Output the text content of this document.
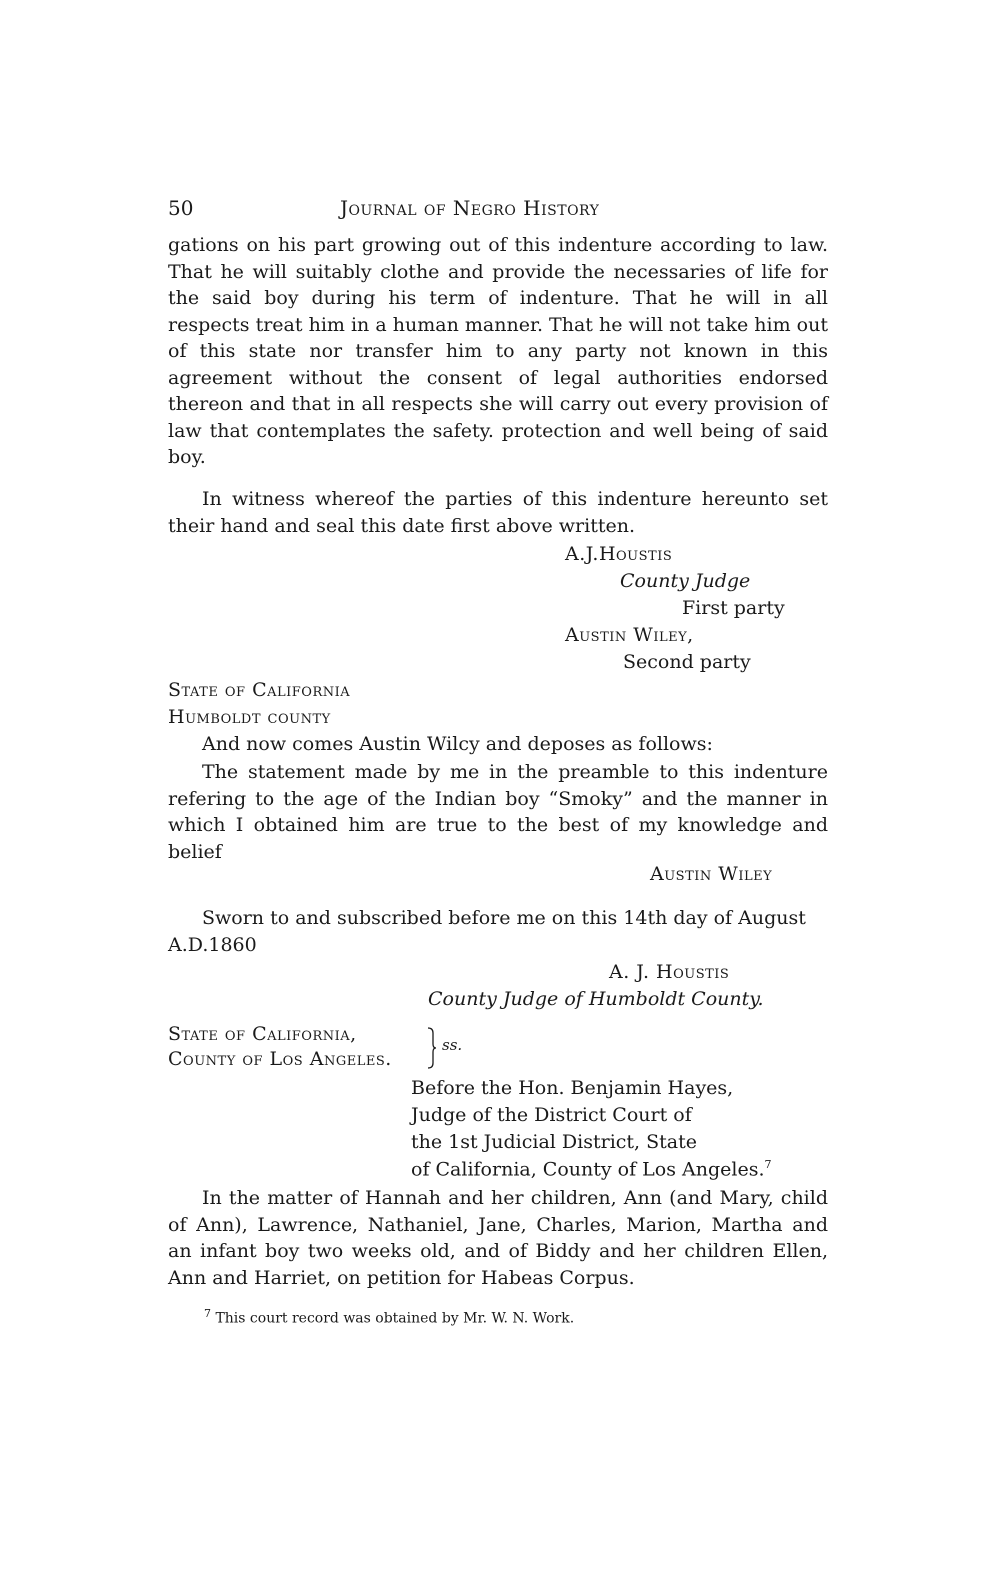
50	Journal of Negro History

gations on his part growing out of this indenture according to law. That he will suitably clothe and provide the necessaries of life for the said boy during his term of indenture. That he will in all respects treat him in a human manner. That he will not take him out of this state nor transfer him to any party not known in this agreement without the consent of legal authorities endorsed thereon and that in all respects she will carry out every provision of law that contemplates the safety. protection and well being of said boy.

In witness whereof the parties of this indenture hereunto set their hand and seal this date first above written.

A.J.Houstis
County Judge
First party
Austin Wiley,
Second party
State of California
Humboldt county
And now comes Austin Wilcy and deposes as follows:

The statement made by me in the preamble to this indenture refering to the age of the Indian boy “Smoky” and the manner in which I obtained him are true to the best of my knowledge and belief

Austin Wiley
Sworn to and subscribed before me on this 14th day of August
A.D.1860
A. J. Houstis
County Judge of Humboldt County.
State of California,
County of Los Angeles.
ss.
Before the Hon. Benjamin Hayes,
Judge of the District Court of
the 1st Judicial District, State
of California, County of Los Angeles.$^7$

In the matter of Hannah and her children, Ann (and Mary, child of Ann), Lawrence, Nathaniel, Jane, Charles, Marion, Martha and an infant boy two weeks old, and of Biddy and her children Ellen, Ann and Harriet, on petition for Habeas Corpus.

$^7$ This court record was obtained by Mr. W. N. Work.
